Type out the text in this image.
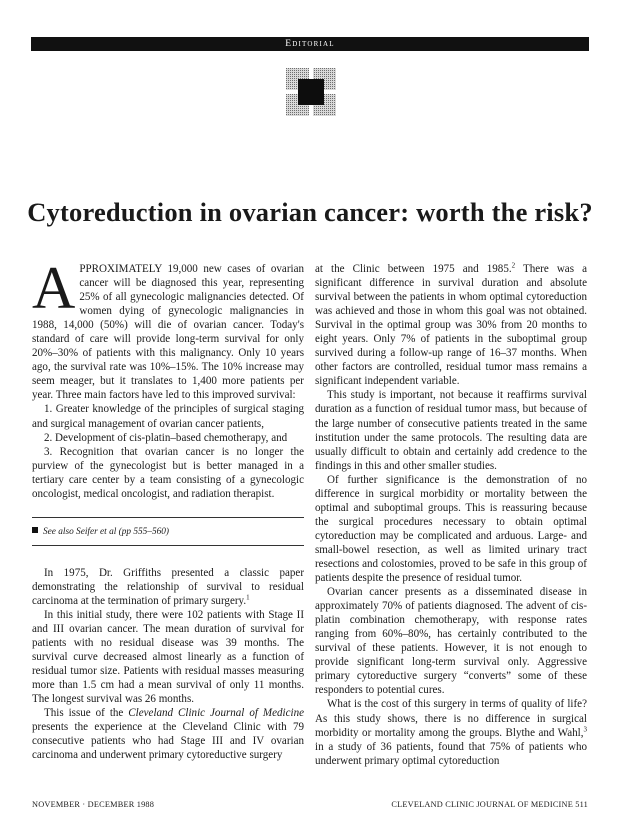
Editorial
Cytoreduction in ovarian cancer: worth the risk?

APPROXIMATELY 19,000 new cases of ovarian cancer will be diagnosed this year, representing 25% of all gynecologic malignancies detected. Of women dying of gynecologic malignancies in 1988, 14,000 (50%) will die of ovarian cancer. Today's standard of care will provide long-term survival for only 20%–30% of patients with this malignancy. Only 10 years ago, the survival rate was 10%–15%. The 10% increase may seem meager, but it translates to 1,400 more patients per year. Three main factors have led to this improved survival:

1. Greater knowledge of the principles of surgical staging and surgical management of ovarian cancer patients,

2. Development of cis-platin–based chemotherapy, and

3. Recognition that ovarian cancer is no longer the purview of the gynecologist but is better managed in a tertiary care center by a team consisting of a gynecologic oncologist, medical oncologist, and radiation therapist.

See also Seifer et al (pp 555–560)

In 1975, Dr. Griffiths presented a classic paper demonstrating the relationship of survival to residual carcinoma at the termination of primary surgery.$^1$

In this initial study, there were 102 patients with Stage II and III ovarian cancer. The mean duration of survival for patients with no residual disease was 39 months. The survival curve decreased almost linearly as a function of residual tumor size. Patients with residual masses measuring more than 1.5 cm had a mean survival of only 11 months. The longest survival was 26 months.

This issue of the Cleveland Clinic Journal of Medicine presents the experience at the Cleveland Clinic with 79 consecutive patients who had Stage III and IV ovarian carcinoma and underwent primary cytoreductive surgery

at the Clinic between 1975 and 1985.$^2$ There was a significant difference in survival duration and absolute survival between the patients in whom optimal cytoreduction was achieved and those in whom this goal was not obtained. Survival in the optimal group was 30% from 20 months to eight years. Only 7% of patients in the suboptimal group survived during a follow-up range of 16–37 months. When other factors are controlled, residual tumor mass remains a significant independent variable.

This study is important, not because it reaffirms survival duration as a function of residual tumor mass, but because of the large number of consecutive patients treated in the same institution under the same protocols. The resulting data are usually difficult to obtain and certainly add credence to the findings in this and other smaller studies.

Of further significance is the demonstration of no difference in surgical morbidity or mortality between the optimal and suboptimal groups. This is reassuring because the surgical procedures necessary to obtain optimal cytoreduction may be complicated and arduous. Large- and small-bowel resection, as well as limited urinary tract resections and colostomies, proved to be safe in this group of patients despite the presence of residual tumor.

Ovarian cancer presents as a disseminated disease in approximately 70% of patients diagnosed. The advent of cis-platin combination chemotherapy, with response rates ranging from 60%–80%, has certainly contributed to the survival of these patients. However, it is not enough to provide significant long-term survival only. Aggressive primary cytoreductive surgery “converts” some of these responders to potential cures.

What is the cost of this surgery in terms of quality of life? As this study shows, there is no difference in surgical morbidity or mortality among the groups. Blythe and Wahl,$^3$ in a study of 36 patients, found that 75% of patients who underwent primary optimal cytoreduction

NOVEMBER · DECEMBER 1988	CLEVELAND CLINIC JOURNAL OF MEDICINE 511
